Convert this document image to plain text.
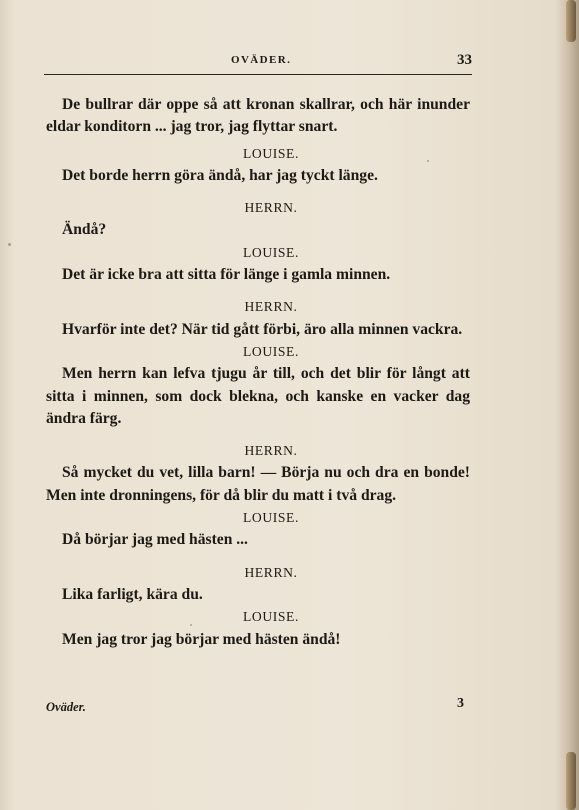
OVÄDER.	33

De bullrar där oppe så att kronan skallrar, och här inunder eldar konditorn ... jag tror, jag flyttar snart.

LOUISE.

Det borde herrn göra ändå, har jag tyckt länge.

HERRN.

Ändå?

LOUISE.

Det är icke bra att sitta för länge i gamla minnen.

HERRN.

Hvarför inte det? När tid gått förbi, äro alla minnen vackra.

LOUISE.

Men herrn kan lefva tjugu år till, och det blir för långt att sitta i minnen, som dock blekna, och kanske en vacker dag ändra färg.

HERRN.

Så mycket du vet, lilla barn! — Börja nu och dra en bonde! Men inte dronningens, för då blir du matt i två drag.

LOUISE.

Då börjar jag med hästen ...

HERRN.

Lika farligt, kära du.

LOUISE.

Men jag tror jag börjar med hästen ändå!

Oväder.	3
